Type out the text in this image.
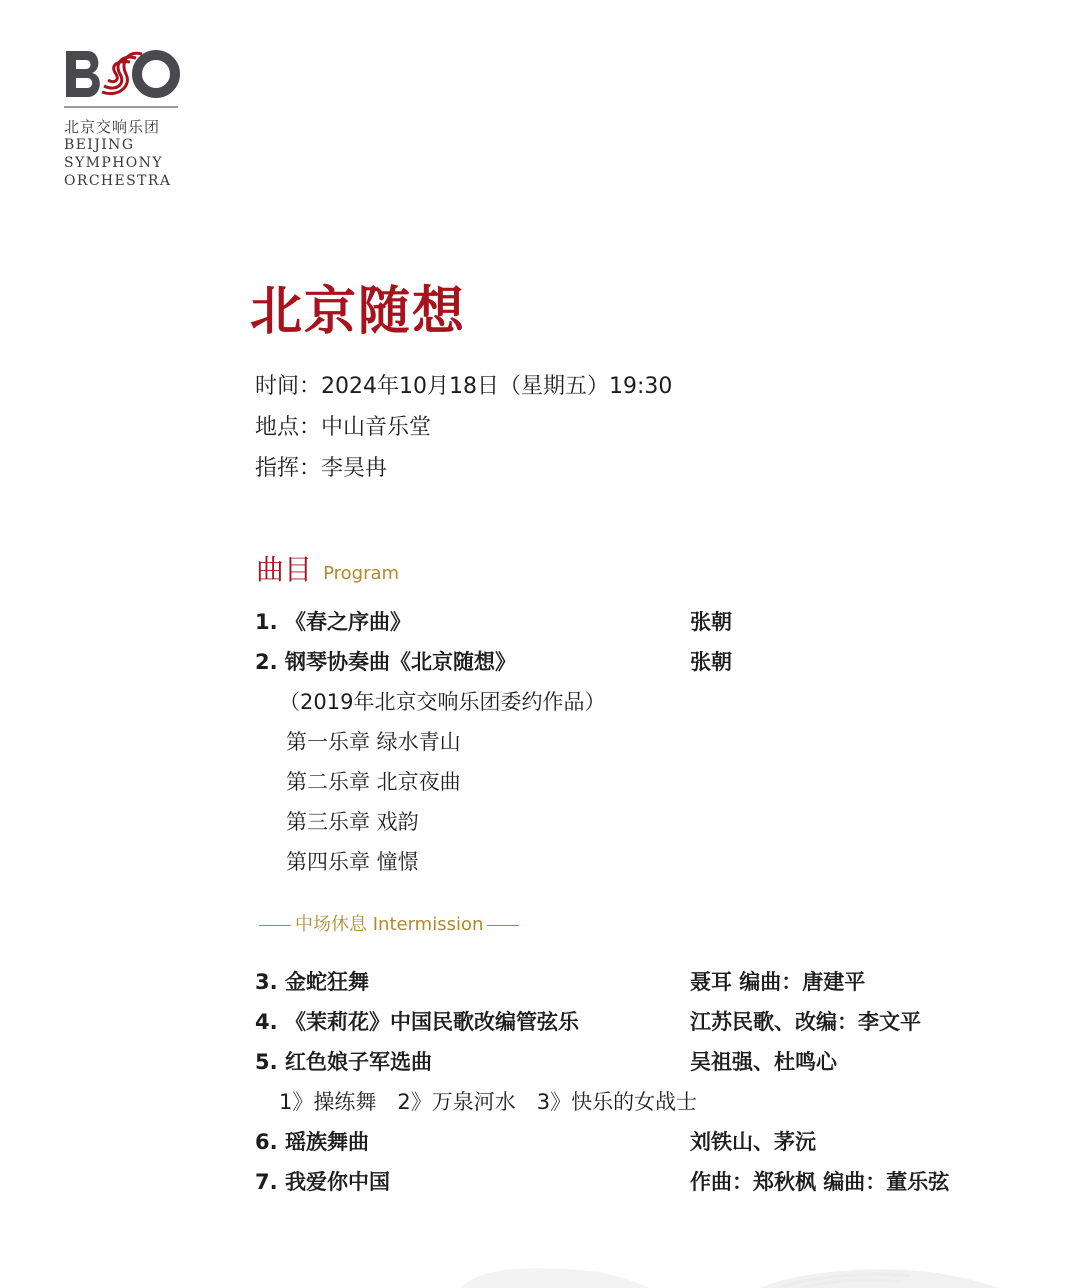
北京交响乐团
BEIJING
SYMPHONY
ORCHESTRA
北京随想
时间：2024年10月18日（星期五）19:30
地点：中山音乐堂
指挥：李昊冉
曲目 Program
1. 《春之序曲》	张朝
2. 钢琴协奏曲《北京随想》	张朝
（2019年北京交响乐团委约作品）
第一乐章 绿水青山
第二乐章 北京夜曲
第三乐章 戏韵
第四乐章 憧憬
中场休息 Intermission
3. 金蛇狂舞	聂耳 编曲：唐建平
4. 《茉莉花》中国民歌改编管弦乐	江苏民歌、改编：李文平
5. 红色娘子军选曲	吴祖强、杜鸣心
1》操练舞　2》万泉河水　3》快乐的女战士
6. 瑶族舞曲	刘铁山、茅沅
7. 我爱你中国	作曲：郑秋枫 编曲：董乐弦
